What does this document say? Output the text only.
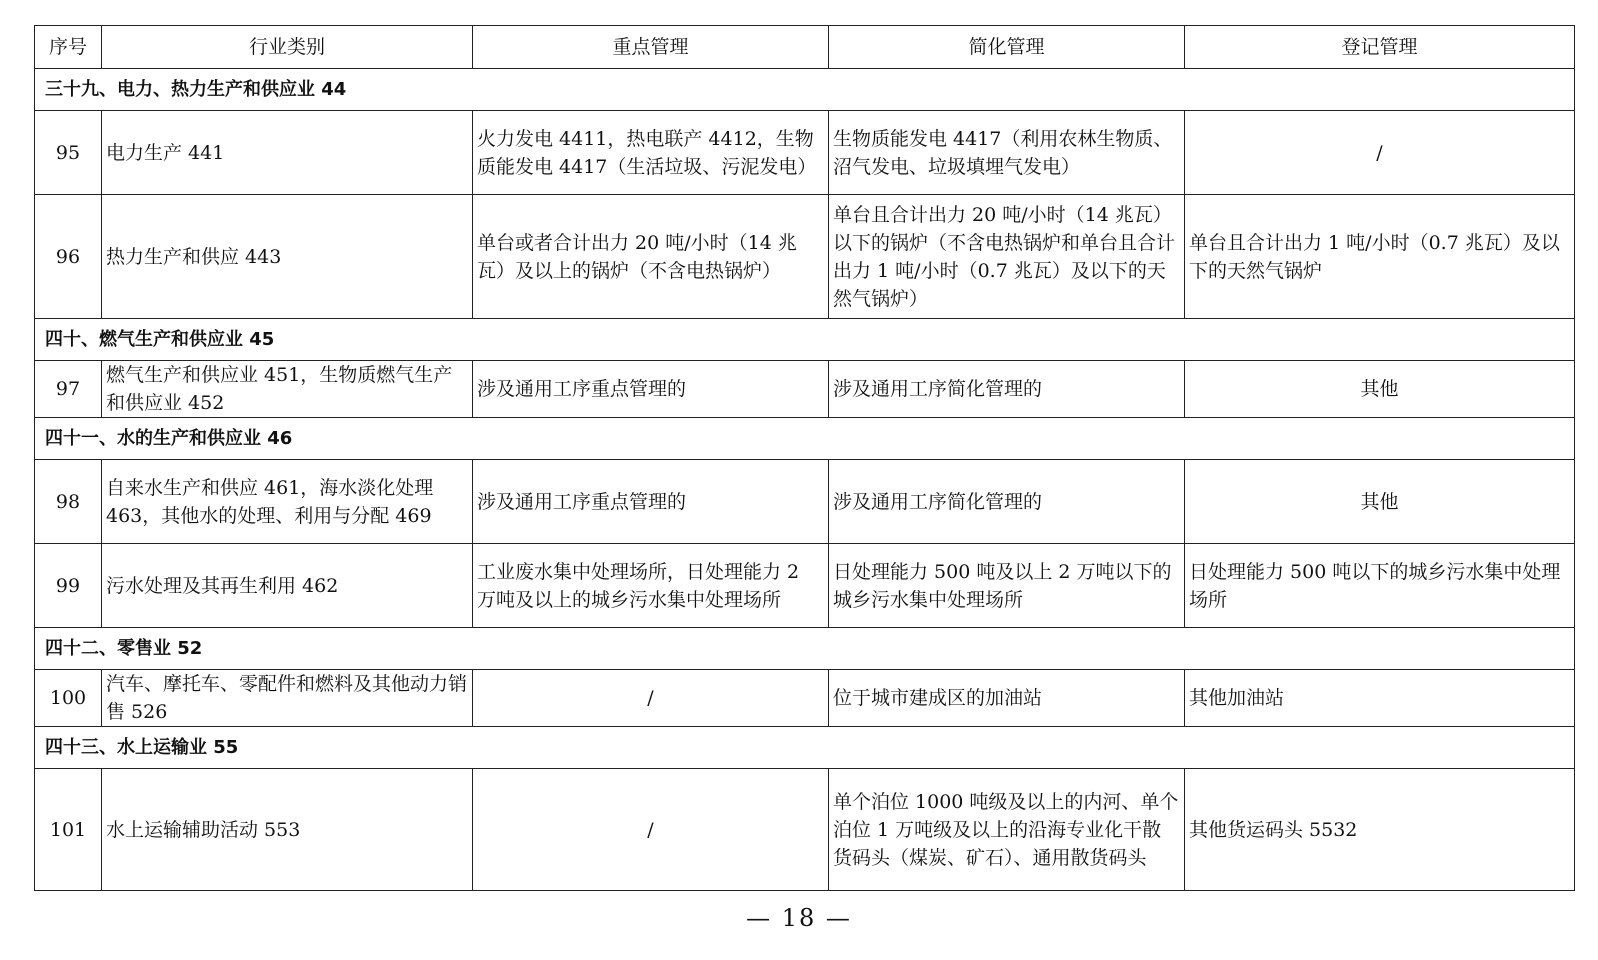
序号	行业类别	重点管理	简化管理	登记管理
三十九、电力、热力生产和供应业 44				
95	电力生产 441	火力发电 4411，热电联产 4412，生物质能发电 4417（生活垃圾、污泥发电）	生物质能发电 4417（利用农林生物质、沼气发电、垃圾填埋气发电）	/
96	热力生产和供应 443	单台或者合计出力 20 吨/小时（14 兆瓦）及以上的锅炉（不含电热锅炉）	单台且合计出力 20 吨/小时（14 兆瓦）以下的锅炉（不含电热锅炉和单台且合计出力 1 吨/小时（0.7 兆瓦）及以下的天然气锅炉）	单台且合计出力 1 吨/小时（0.7 兆瓦）及以下的天然气锅炉
四十、燃气生产和供应业 45				
97	燃气生产和供应业 451，生物质燃气生产和供应业 452	涉及通用工序重点管理的	涉及通用工序简化管理的	其他
四十一、水的生产和供应业 46				
98	自来水生产和供应 461，海水淡化处理 463，其他水的处理、利用与分配 469	涉及通用工序重点管理的	涉及通用工序简化管理的	其他
99	污水处理及其再生利用 462	工业废水集中处理场所，日处理能力 2 万吨及以上的城乡污水集中处理场所	日处理能力 500 吨及以上 2 万吨以下的城乡污水集中处理场所	日处理能力 500 吨以下的城乡污水集中处理场所
四十二、零售业 52				
100	汽车、摩托车、零配件和燃料及其他动力销售 526	/	位于城市建成区的加油站	其他加油站
四十三、水上运输业 55				
101	水上运输辅助活动 553	/	单个泊位 1000 吨级及以上的内河、单个泊位 1 万吨级及以上的沿海专业化干散货码头（煤炭、矿石）、通用散货码头	其他货运码头 5532
— 18 —
